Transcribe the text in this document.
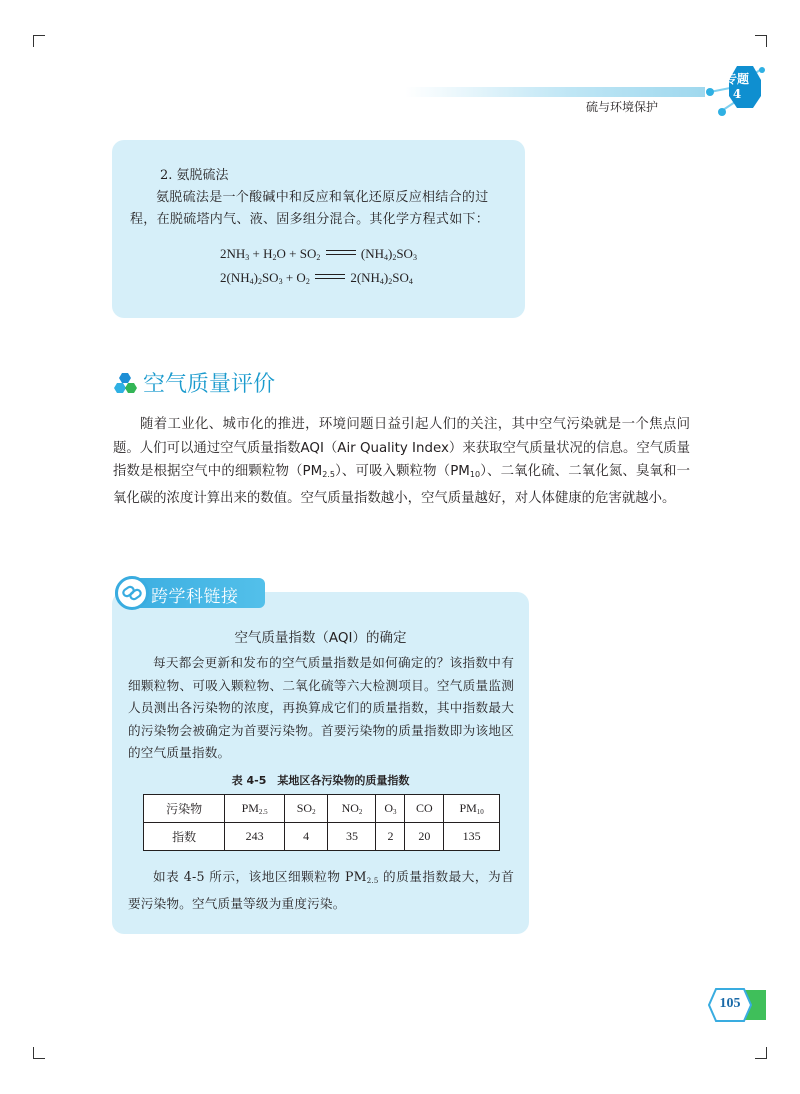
硫与环境保护
专题
4
2. 氨脱硫法
氨脱硫法是一个酸碱中和反应和氧化还原反应相结合的过程，在脱硫塔内气、液、固多组分混合。其化学方程式如下：
$2NH_3 + H_2O + SO_2$	$(NH_4)_2SO_3$
$2(NH_4)_2SO_3 + O_2$	$2(NH_4)_2SO_4$
空气质量评价

随着工业化、城市化的推进，环境问题日益引起人们的关注，其中空气污染就是一个焦点问题。人们可以通过空气质量指数AQI（Air Quality Index）来获取空气质量状况的信息。空气质量指数是根据空气中的细颗粒物$(PM_{2.5})$、可吸入颗粒物$(PM_{10})$、二氧化硫、二氧化氮、臭氧和一氧化碳的浓度计算出来的数值。空气质量指数越小，空气质量越好，对人体健康的危害就越小。

跨学科链接
空气质量指数（AQI）的确定
每天都会更新和发布的空气质量指数是如何确定的？该指数中有细颗粒物、可吸入颗粒物、二氧化硫等六大检测项目。空气质量监测人员测出各污染物的浓度，再换算成它们的质量指数，其中指数最大的污染物会被确定为首要污染物。首要污染物的质量指数即为该地区的空气质量指数。
表 4-5　某地区各污染物的质量指数
污染物	$PM_{2.5}$	$SO_2$	$NO_2$	$O_3$	CO	$PM_{10}$
指数	243	4	35	2	20	135

如表 4-5 所示，该地区细颗粒物 $PM_{2.5}$ 的质量指数最大，为首要污染物。空气质量等级为重度污染。

105
